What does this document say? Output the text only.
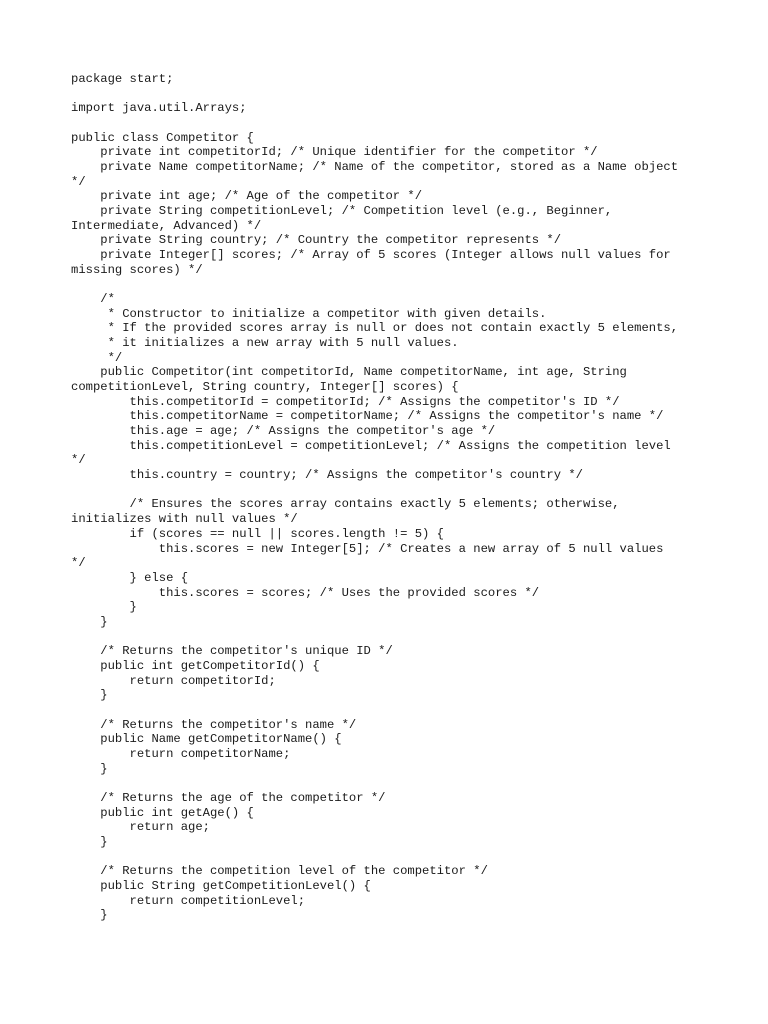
package start;
import java.util.Arrays;
public class Competitor {
private int competitorId; /* Unique identifier for the competitor */
private Name competitorName; /* Name of the competitor, stored as a Name object
*/
private int age; /* Age of the competitor */
private String competitionLevel; /* Competition level (e.g., Beginner,
Intermediate, Advanced) */
private String country; /* Country the competitor represents */
private Integer[] scores; /* Array of 5 scores (Integer allows null values for
missing scores) */
/*
* Constructor to initialize a competitor with given details.
* If the provided scores array is null or does not contain exactly 5 elements,
* it initializes a new array with 5 null values.
*/
public Competitor(int competitorId, Name competitorName, int age, String
competitionLevel, String country, Integer[] scores) {
this.competitorId = competitorId; /* Assigns the competitor's ID */
this.competitorName = competitorName; /* Assigns the competitor's name */
this.age = age; /* Assigns the competitor's age */
this.competitionLevel = competitionLevel; /* Assigns the competition level
*/
this.country = country; /* Assigns the competitor's country */
/* Ensures the scores array contains exactly 5 elements; otherwise,
initializes with null values */
if (scores == null || scores.length != 5) {
this.scores = new Integer[5]; /* Creates a new array of 5 null values
*/
} else {
this.scores = scores; /* Uses the provided scores */
}
}
/* Returns the competitor's unique ID */
public int getCompetitorId() {
return competitorId;
}
/* Returns the competitor's name */
public Name getCompetitorName() {
return competitorName;
}
/* Returns the age of the competitor */
public int getAge() {
return age;
}
/* Returns the competition level of the competitor */
public String getCompetitionLevel() {
return competitionLevel;
}
